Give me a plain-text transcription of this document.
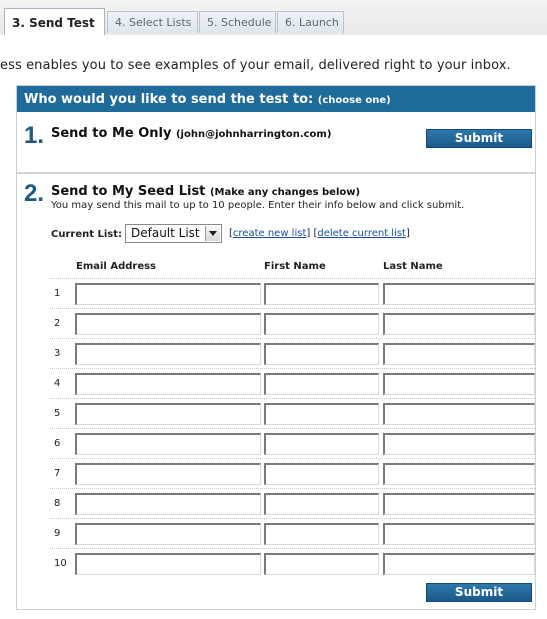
3. Send Test	4. Select Lists	5. Schedule	6. Launch
ess enables you to see examples of your email, delivered right to your inbox.
Who would you like to send the test to: (choose one)
1. Send to Me Only (john@johnharrington.com)	Submit
2. Send to My Seed List (Make any changes below)
You may send this mail to up to 10 people. Enter their info below and click submit.
Current List: Default List	[create new list] [delete current list]
Email Address	First Name	Last Name
1
2
3
4
5
6
7
8
9
10
Submit
